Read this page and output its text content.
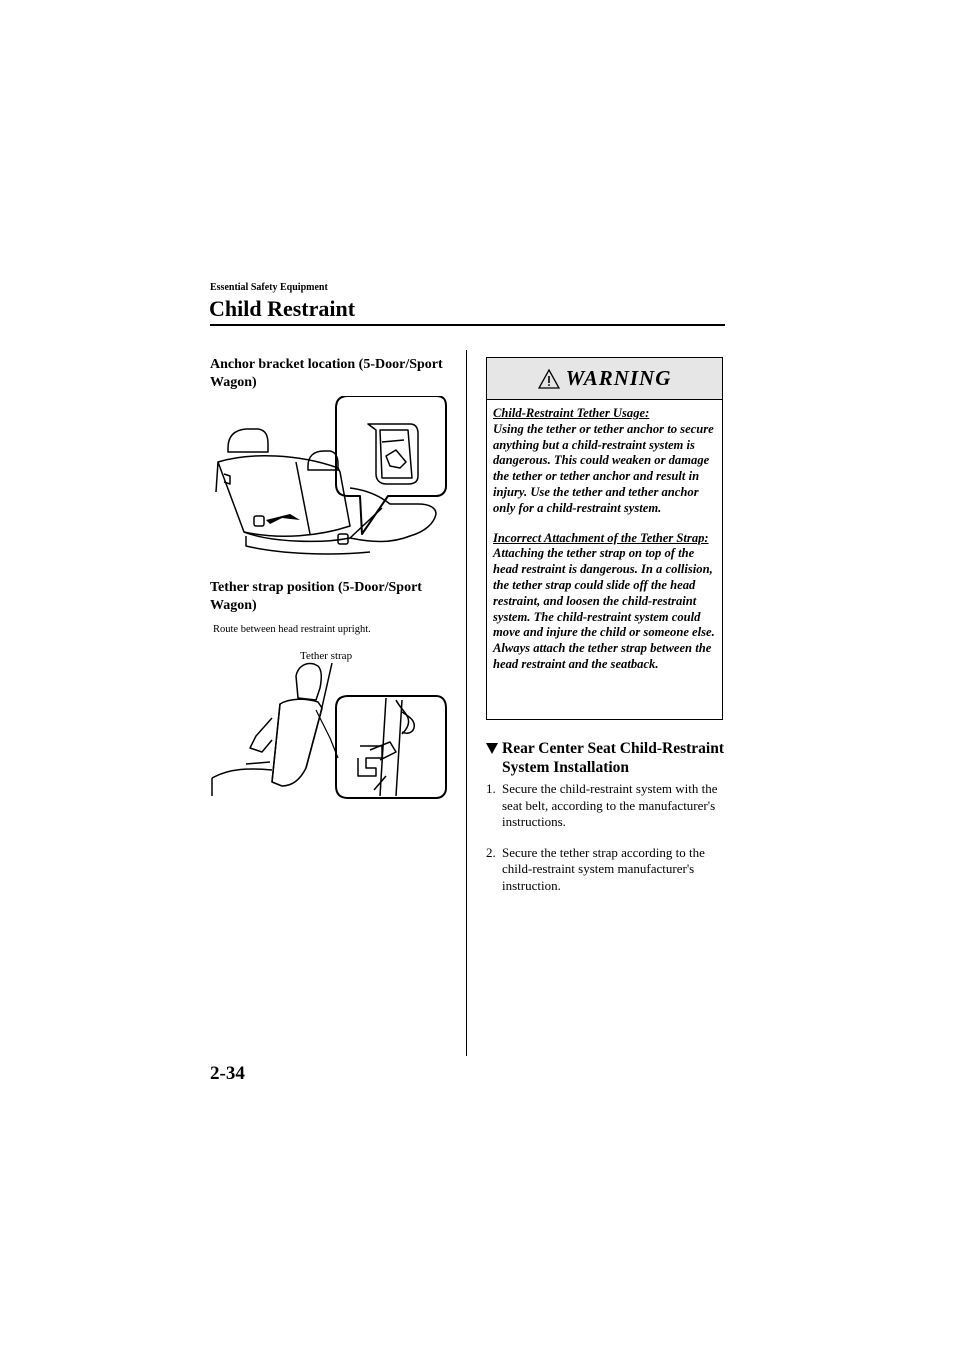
Essential Safety Equipment
Child Restraint
Anchor bracket location (5-Door/Sport Wagon)
Tether strap position (5-Door/Sport Wagon)
Route between head restraint upright.
Tether strap
WARNING

Child-Restraint Tether Usage:
Using the tether or tether anchor to secure anything but a child-restraint system is dangerous. This could weaken or damage the tether or tether anchor and result in injury. Use the tether and tether anchor only for a child-restraint system.

Incorrect Attachment of the Tether Strap:
Attaching the tether strap on top of the head restraint is dangerous. In a collision, the tether strap could slide off the head restraint, and loosen the child-restraint system. The child-restraint system could move and injure the child or someone else. Always attach the tether strap between the head restraint and the seatback.

Rear Center Seat Child-Restraint System Installation
1. Secure the child-restraint system with the seat belt, according to the manufacturer's instructions.
2. Secure the tether strap according to the child-restraint system manufacturer's instruction.
2-34
